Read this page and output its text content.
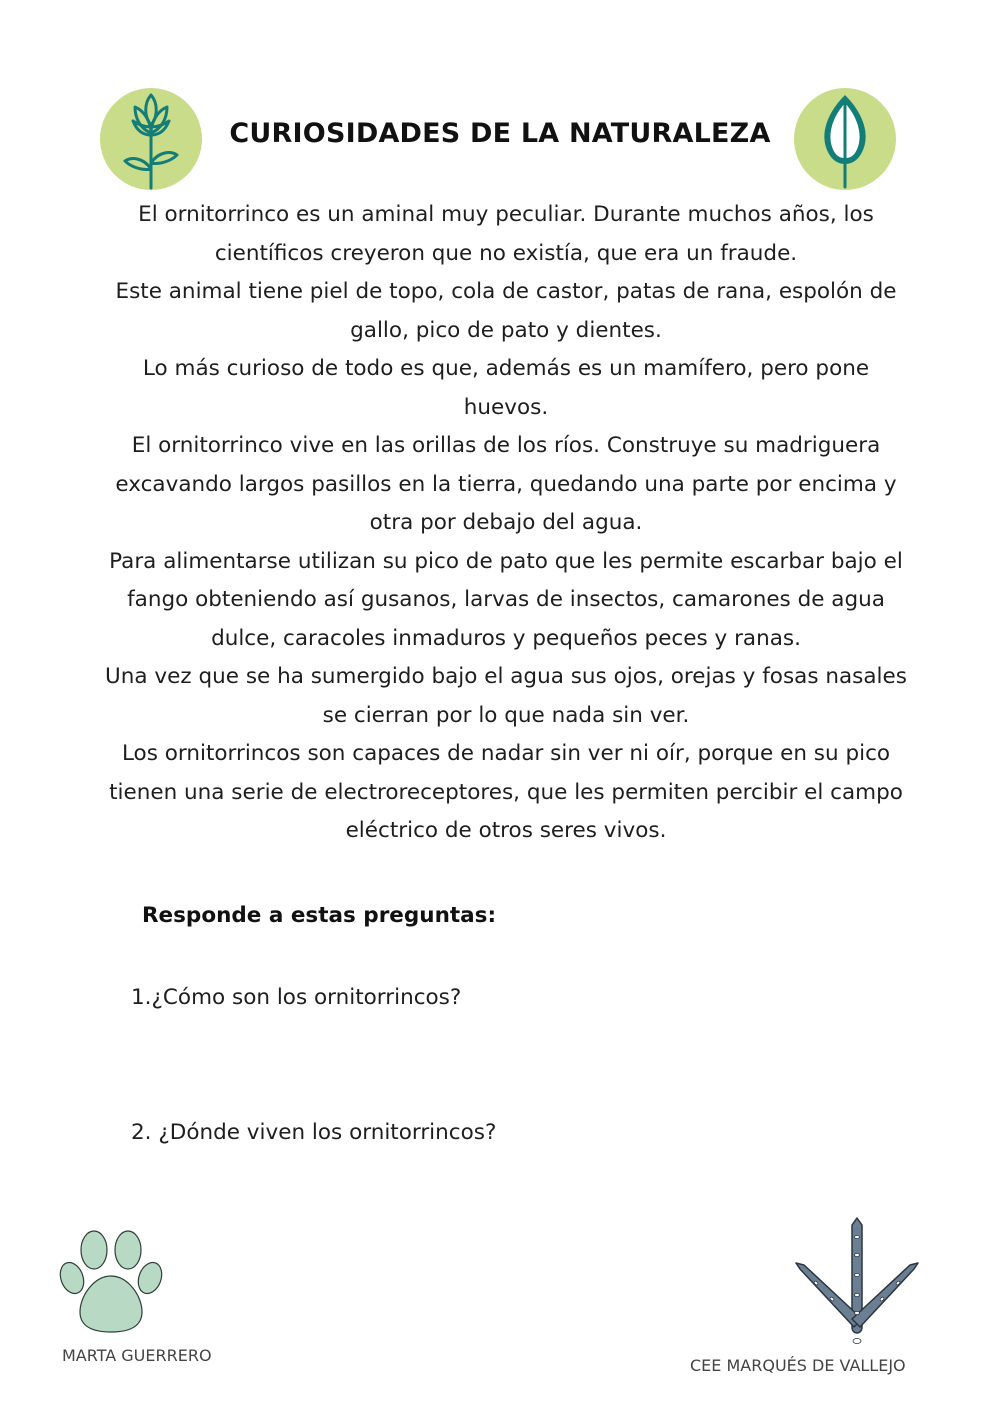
CURIOSIDADES DE LA NATURALEZA

El ornitorrinco es un aminal muy peculiar. Durante muchos años, los científicos creyeron que no existía, que era un fraude.

Este animal tiene piel de topo, cola de castor, patas de rana, espolón de gallo, pico de pato y dientes.

Lo más curioso de todo es que, además es un mamífero, pero pone huevos.

El ornitorrinco vive en las orillas de los ríos. Construye su madriguera excavando largos pasillos en la tierra, quedando una parte por encima y otra por debajo del agua.

Para alimentarse utilizan su pico de pato que les permite escarbar bajo el fango obteniendo así gusanos, larvas de insectos, camarones de agua dulce, caracoles inmaduros y pequeños peces y ranas.

Una vez que se ha sumergido bajo el agua sus ojos, orejas y fosas nasales se cierran por lo que nada sin ver.

Los ornitorrincos son capaces de nadar sin ver ni oír, porque en su pico tienen una serie de electroreceptores, que les permiten percibir el campo eléctrico de otros seres vivos.

Responde a estas preguntas:

1.¿Cómo son los ornitorrincos?

2. ¿Dónde viven los ornitorrincos?

MARTA GUERRERO
CEE MARQUÉS DE VALLEJO
